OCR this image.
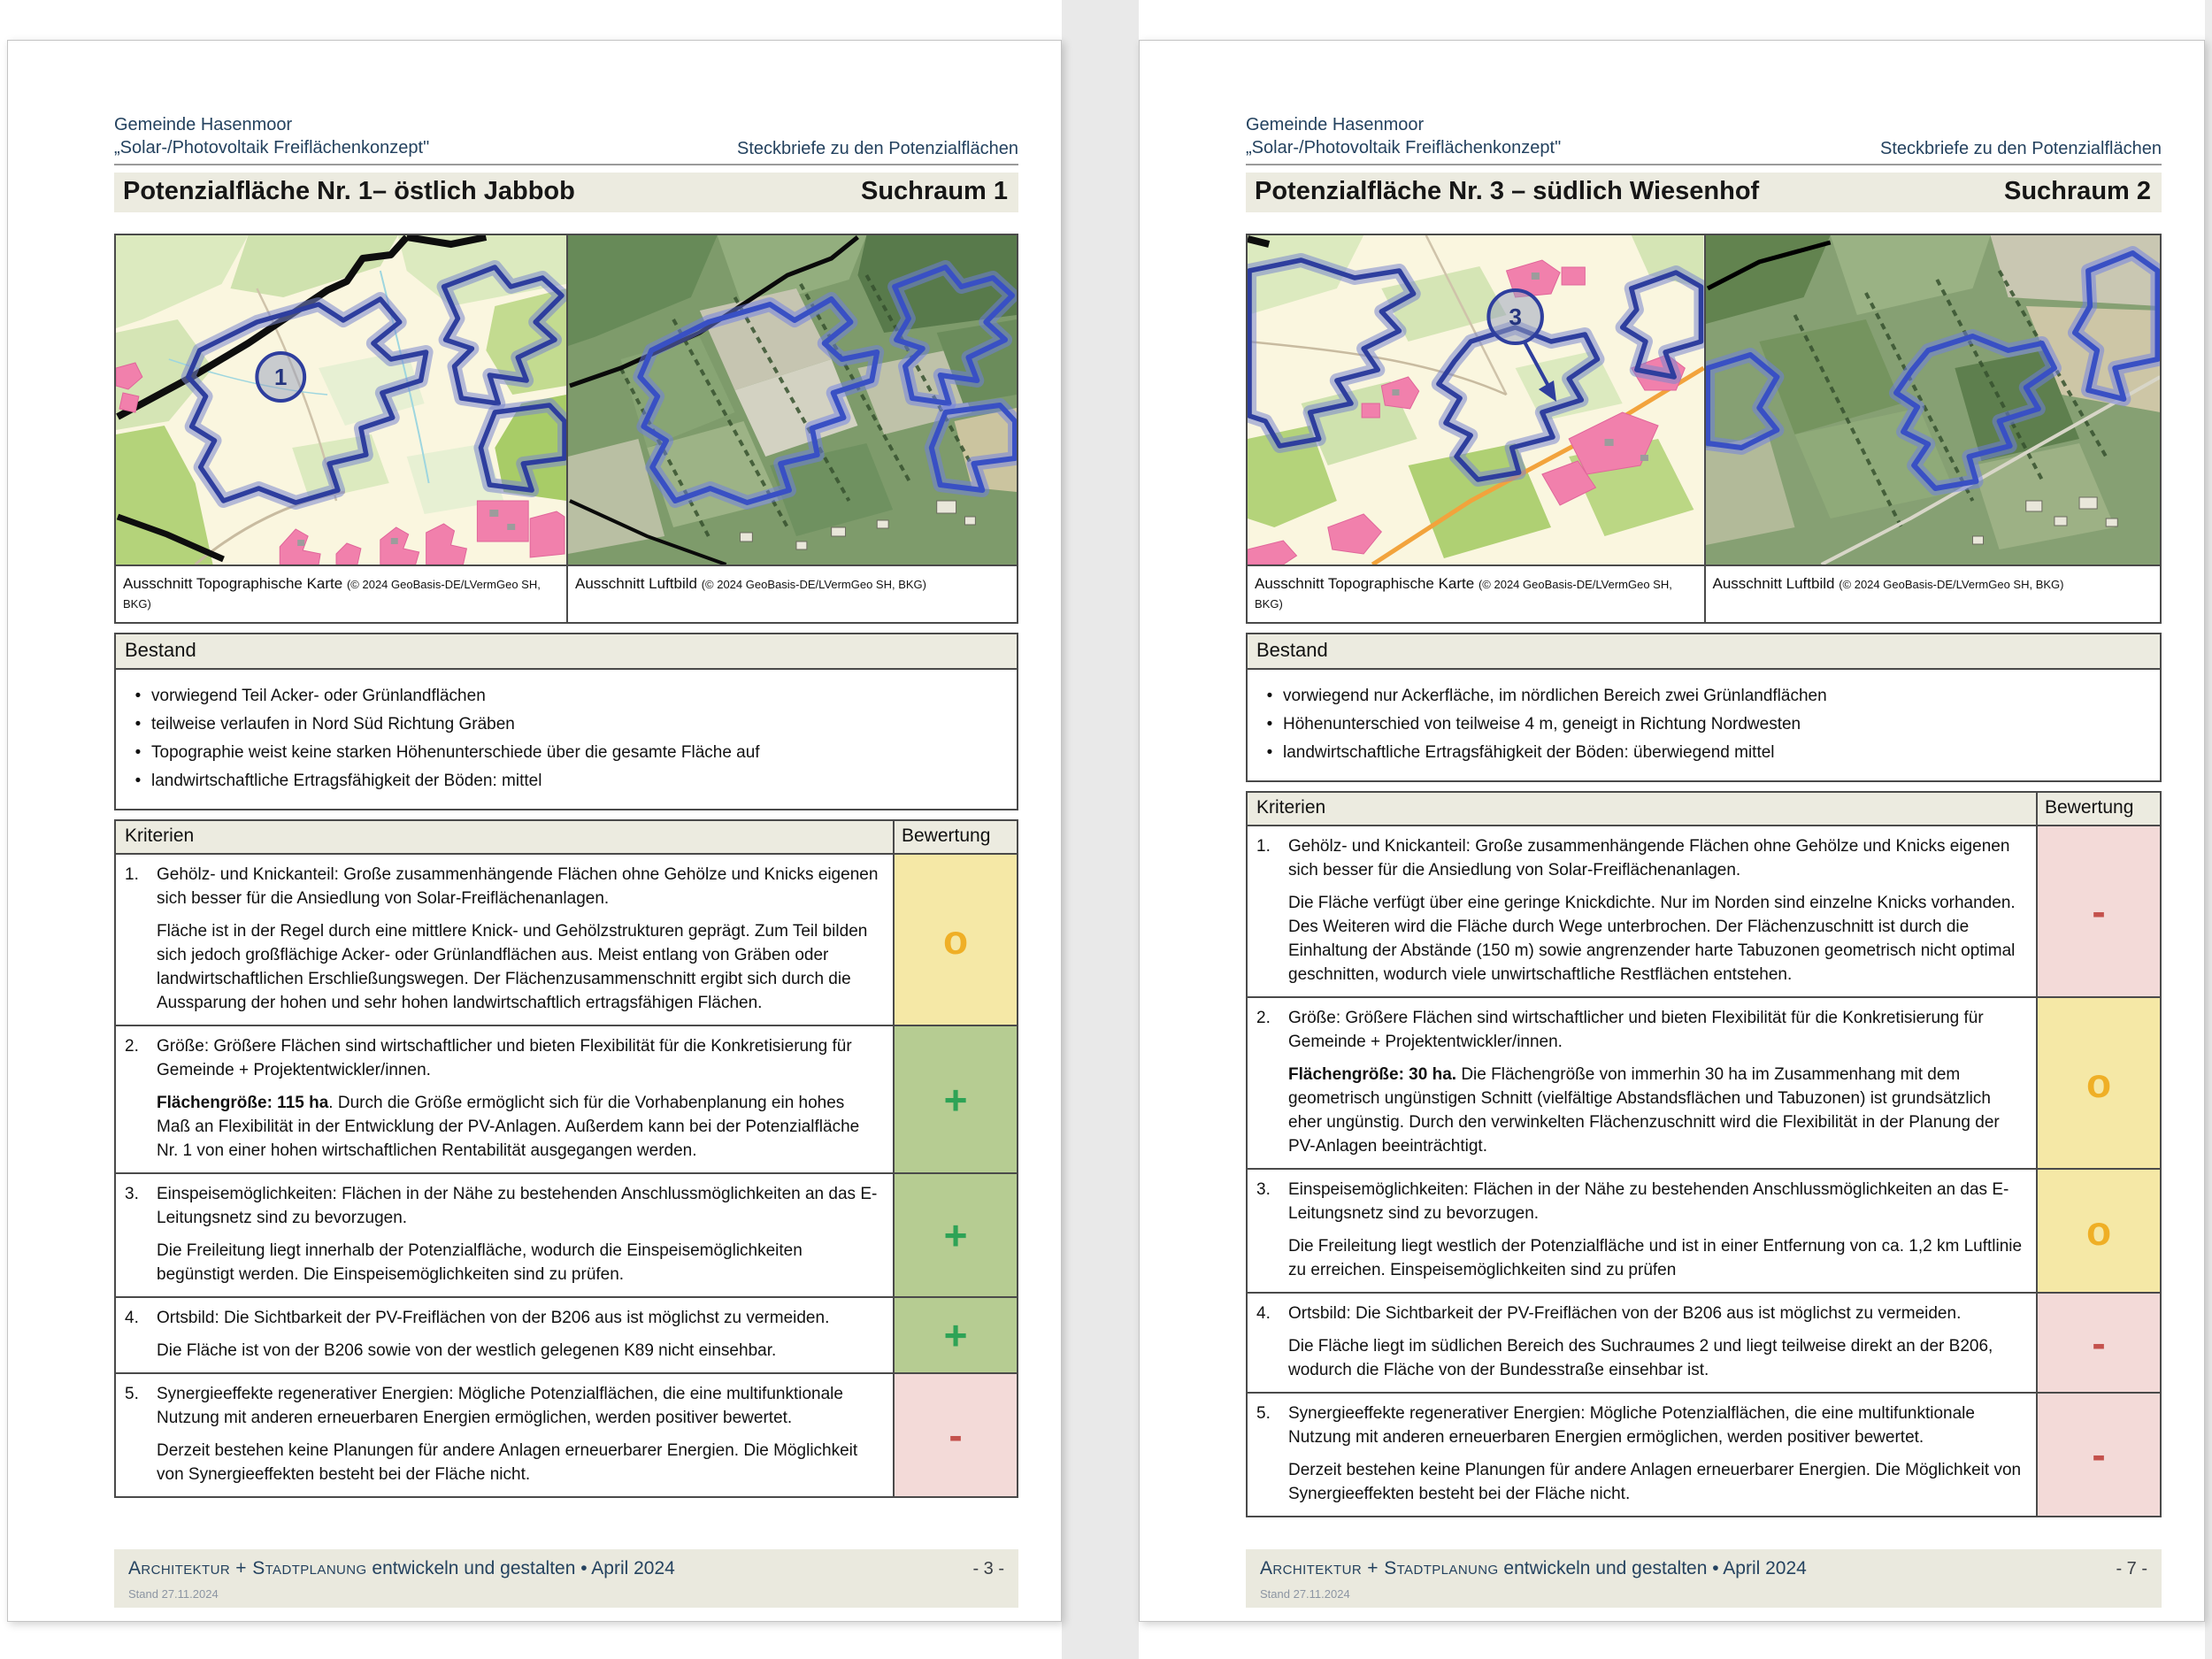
Gemeinde Hasenmoor
„Solar-/Photovoltaik Freiflächenkonzept"	Steckbriefe zu den Potenzialflächen
Potenzialfläche Nr. 1– östlich Jabbob	Suchraum 1
1
Ausschnitt Topographische Karte (© 2024 GeoBasis-DE/LVermGeo SH, BKG)
Ausschnitt Luftbild (© 2024 GeoBasis-DE/LVermGeo SH, BKG)
Bestand
• vorwiegend Teil Acker- oder Grünlandflächen
• teilweise verlaufen in Nord Süd Richtung Gräben
• Topographie weist keine starken Höhenunterschiede über die gesamte Fläche auf
• landwirtschaftliche Ertragsfähigkeit der Böden: mittel
Kriterien	Bewertung
1.	Gehölz- und Knickanteil: Große zusammenhängende Flächen ohne Gehölze und Knicks eigenen sich besser für die Ansiedlung von Solar-Freiflächenanlagen.

Fläche ist in der Regel durch eine mittlere Knick- und Gehölzstrukturen geprägt. Zum Teil bilden sich jedoch großflächige Acker- oder Grünlandflächen aus. Meist entlang von Gräben oder landwirtschaftlichen Erschließungswegen. Der Flächenzusammenschnitt ergibt sich durch die Aussparung der hohen und sehr hohen landwirtschaftlich ertragsfähigen Flächen.

o
2.	Größe: Größere Flächen sind wirtschaftlicher und bieten Flexibilität für die Konkretisierung für Gemeinde + Projektentwickler/innen.

Flächengröße: 115 ha. Durch die Größe ermöglicht sich für die Vorhabenplanung ein hohes Maß an Flexibilität in der Entwicklung der PV-Anlagen. Außerdem kann bei der Potenzialfläche Nr. 1 von einer hohen wirtschaftlichen Rentabilität ausgegangen werden.

+
3.	Einspeisemöglichkeiten: Flächen in der Nähe zu bestehenden Anschlussmöglichkeiten an das E-Leitungsnetz sind zu bevorzugen.

Die Freileitung liegt innerhalb der Potenzialfläche, wodurch die Einspeisemöglichkeiten begünstigt werden. Die Einspeisemöglichkeiten sind zu prüfen.

+
4.	Ortsbild: Die Sichtbarkeit der PV-Freiflächen von der B206 aus ist möglichst zu vermeiden.

Die Fläche ist von der B206 sowie von der westlich gelegenen K89 nicht einsehbar.	+
5.	Synergieeffekte regenerativer Energien: Mögliche Potenzialflächen, die eine multifunktionale Nutzung mit anderen erneuerbaren Energien ermöglichen, werden positiver bewertet.

Derzeit bestehen keine Planungen für andere Anlagen erneuerbarer Energien. Die Möglichkeit von Synergieeffekten besteht bei der Fläche nicht.

-
Architektur + Stadtplanung entwickeln und gestalten • April 2024	- 3 -
Stand 27.11.2024
Gemeinde Hasenmoor
„Solar-/Photovoltaik Freiflächenkonzept"	Steckbriefe zu den Potenzialflächen
Potenzialfläche Nr. 3 – südlich Wiesenhof	Suchraum 2
3
Ausschnitt Topographische Karte (© 2024 GeoBasis-DE/LVermGeo SH, BKG)
Ausschnitt Luftbild (© 2024 GeoBasis-DE/LVermGeo SH, BKG)
Bestand
• vorwiegend nur Ackerfläche, im nördlichen Bereich zwei Grünlandflächen
• Höhenunterschied von teilweise 4 m, geneigt in Richtung Nordwesten
• landwirtschaftliche Ertragsfähigkeit der Böden: überwiegend mittel
Kriterien	Bewertung
1.	Gehölz- und Knickanteil: Große zusammenhängende Flächen ohne Gehölze und Knicks eigenen sich besser für die Ansiedlung von Solar-Freiflächenanlagen.

Die Fläche verfügt über eine geringe Knickdichte. Nur im Norden sind einzelne Knicks vorhanden. Des Weiteren wird die Fläche durch Wege unterbrochen. Der Flächenzuschnitt ist durch die Einhaltung der Abstände (150 m) sowie angrenzender harte Tabuzonen geometrisch nicht optimal geschnitten, wodurch viele unwirtschaftliche Restflächen entstehen.

-
2.	Größe: Größere Flächen sind wirtschaftlicher und bieten Flexibilität für die Konkretisierung für Gemeinde + Projektentwickler/innen.

Flächengröße: 30 ha. Die Flächengröße von immerhin 30 ha im Zusammenhang mit dem geometrisch ungünstigen Schnitt (vielfältige Abstandsflächen und Tabuzonen) ist grundsätzlich eher ungünstig. Durch den verwinkelten Flächenzuschnitt wird die Flexibilität in der Planung der PV-Anlagen beeinträchtigt.

o
3.	Einspeisemöglichkeiten: Flächen in der Nähe zu bestehenden Anschlussmöglichkeiten an das E-Leitungsnetz sind zu bevorzugen.

Die Freileitung liegt westlich der Potenzialfläche und ist in einer Entfernung von ca. 1,2 km Luftlinie zu erreichen. Einspeisemöglichkeiten sind zu prüfen

o
4.	Ortsbild: Die Sichtbarkeit der PV-Freiflächen von der B206 aus ist möglichst zu vermeiden.

Die Fläche liegt im südlichen Bereich des Suchraumes 2 und liegt teilweise direkt an der B206, wodurch die Fläche von der Bundesstraße einsehbar ist.

-
5.	Synergieeffekte regenerativer Energien: Mögliche Potenzialflächen, die eine multifunktionale Nutzung mit anderen erneuerbaren Energien ermöglichen, werden positiver bewertet.

Derzeit bestehen keine Planungen für andere Anlagen erneuerbarer Energien. Die Möglichkeit von Synergieeffekten besteht bei der Fläche nicht.

-
Architektur + Stadtplanung entwickeln und gestalten • April 2024	- 7 -
Stand 27.11.2024
